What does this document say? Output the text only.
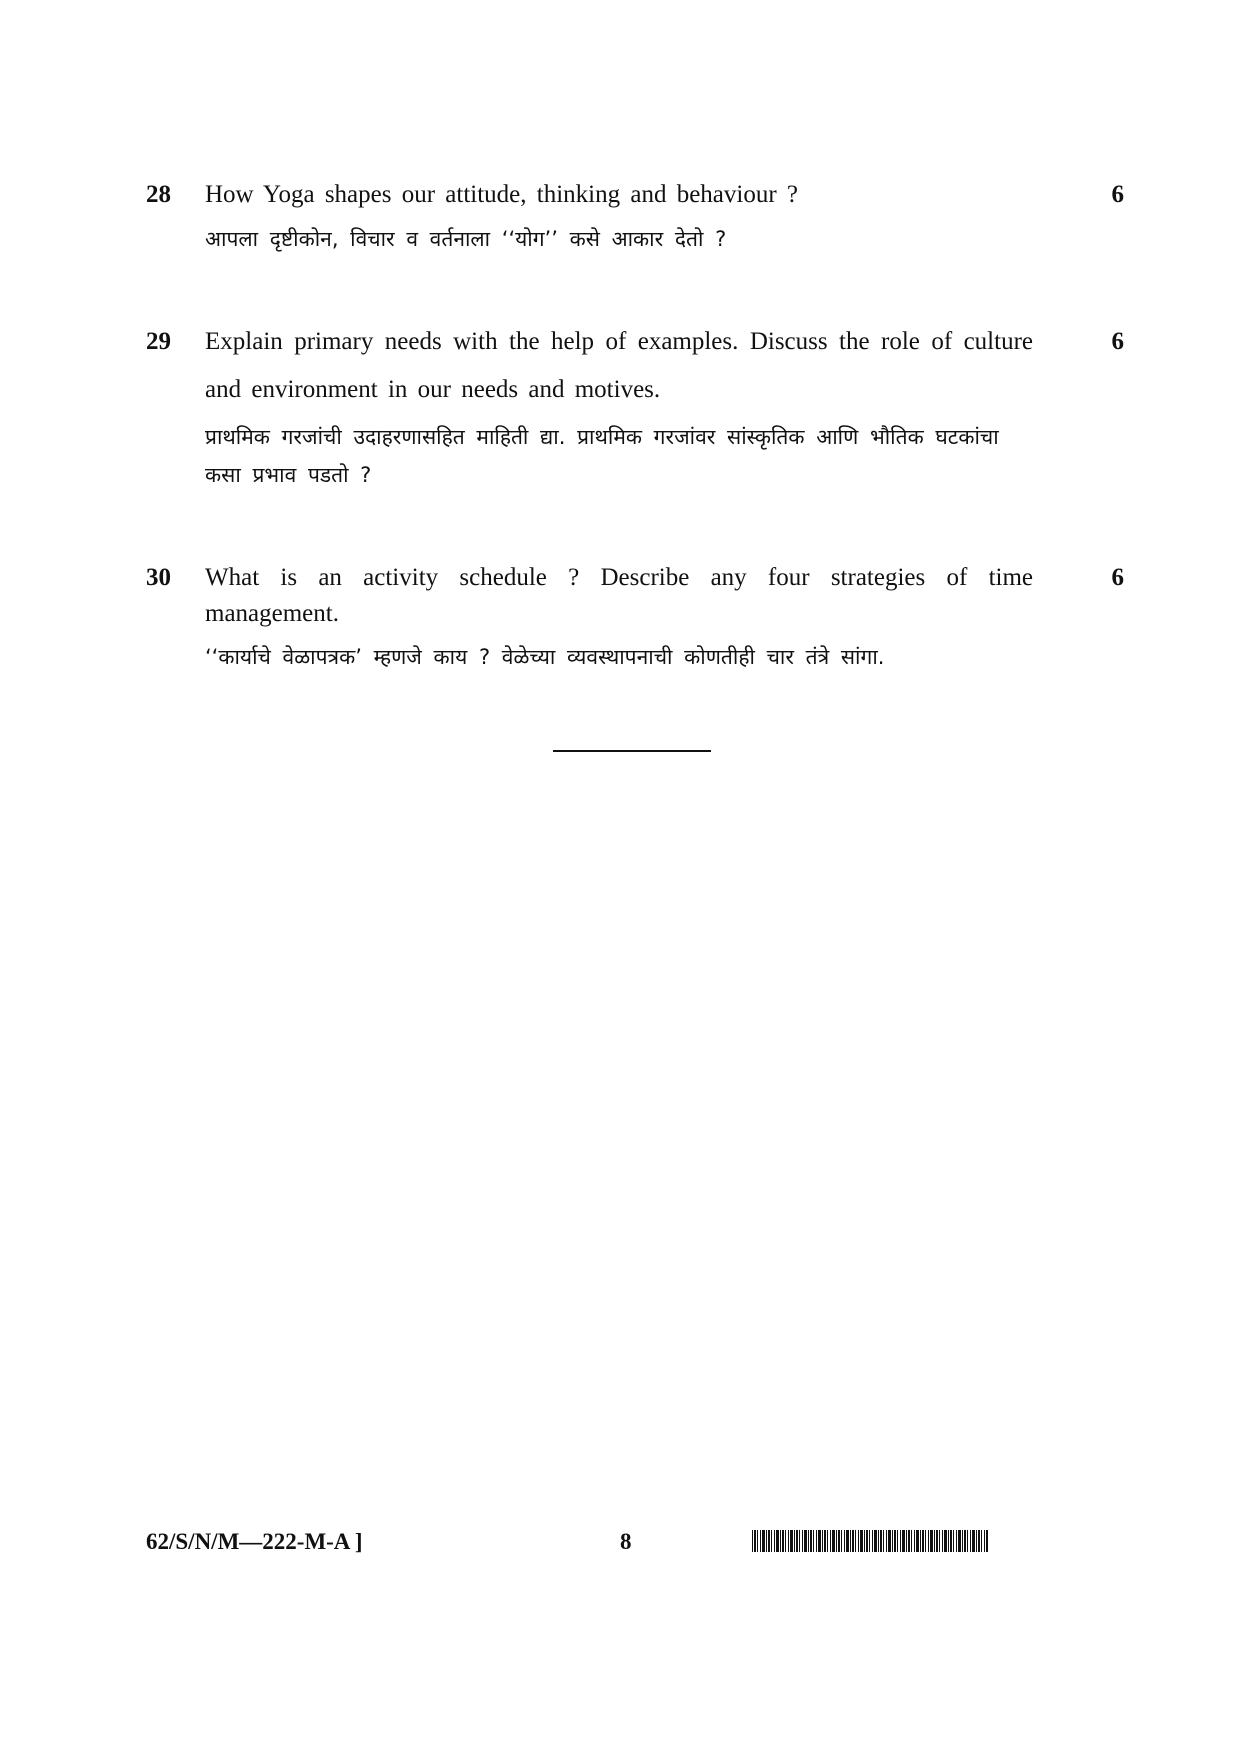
28 How Yoga shapes our attitude, thinking and behaviour ?

आपला दृष्टीकोन, विचार व वर्तनाला ‘‘योग’’ कसे आकार देतो ?

6
29 Explain primary needs with the help of examples. Discuss the role of culture and environment in our needs and motives.

प्राथमिक गरजांची उदाहरणासहित माहिती द्या. प्राथमिक गरजांवर सांस्कृतिक आणि भौतिक घटकांचा कसा प्रभाव पडतो ?

6
30 What is an activity schedule ? Describe any four strategies of time management.

‘‘कार्याचे वेळापत्रक’ म्हणजे काय ? वेळेच्या व्यवस्थापनाची कोणतीही चार तंत्रे सांगा.

6
62/S/N/M—222-M-A ]	8
